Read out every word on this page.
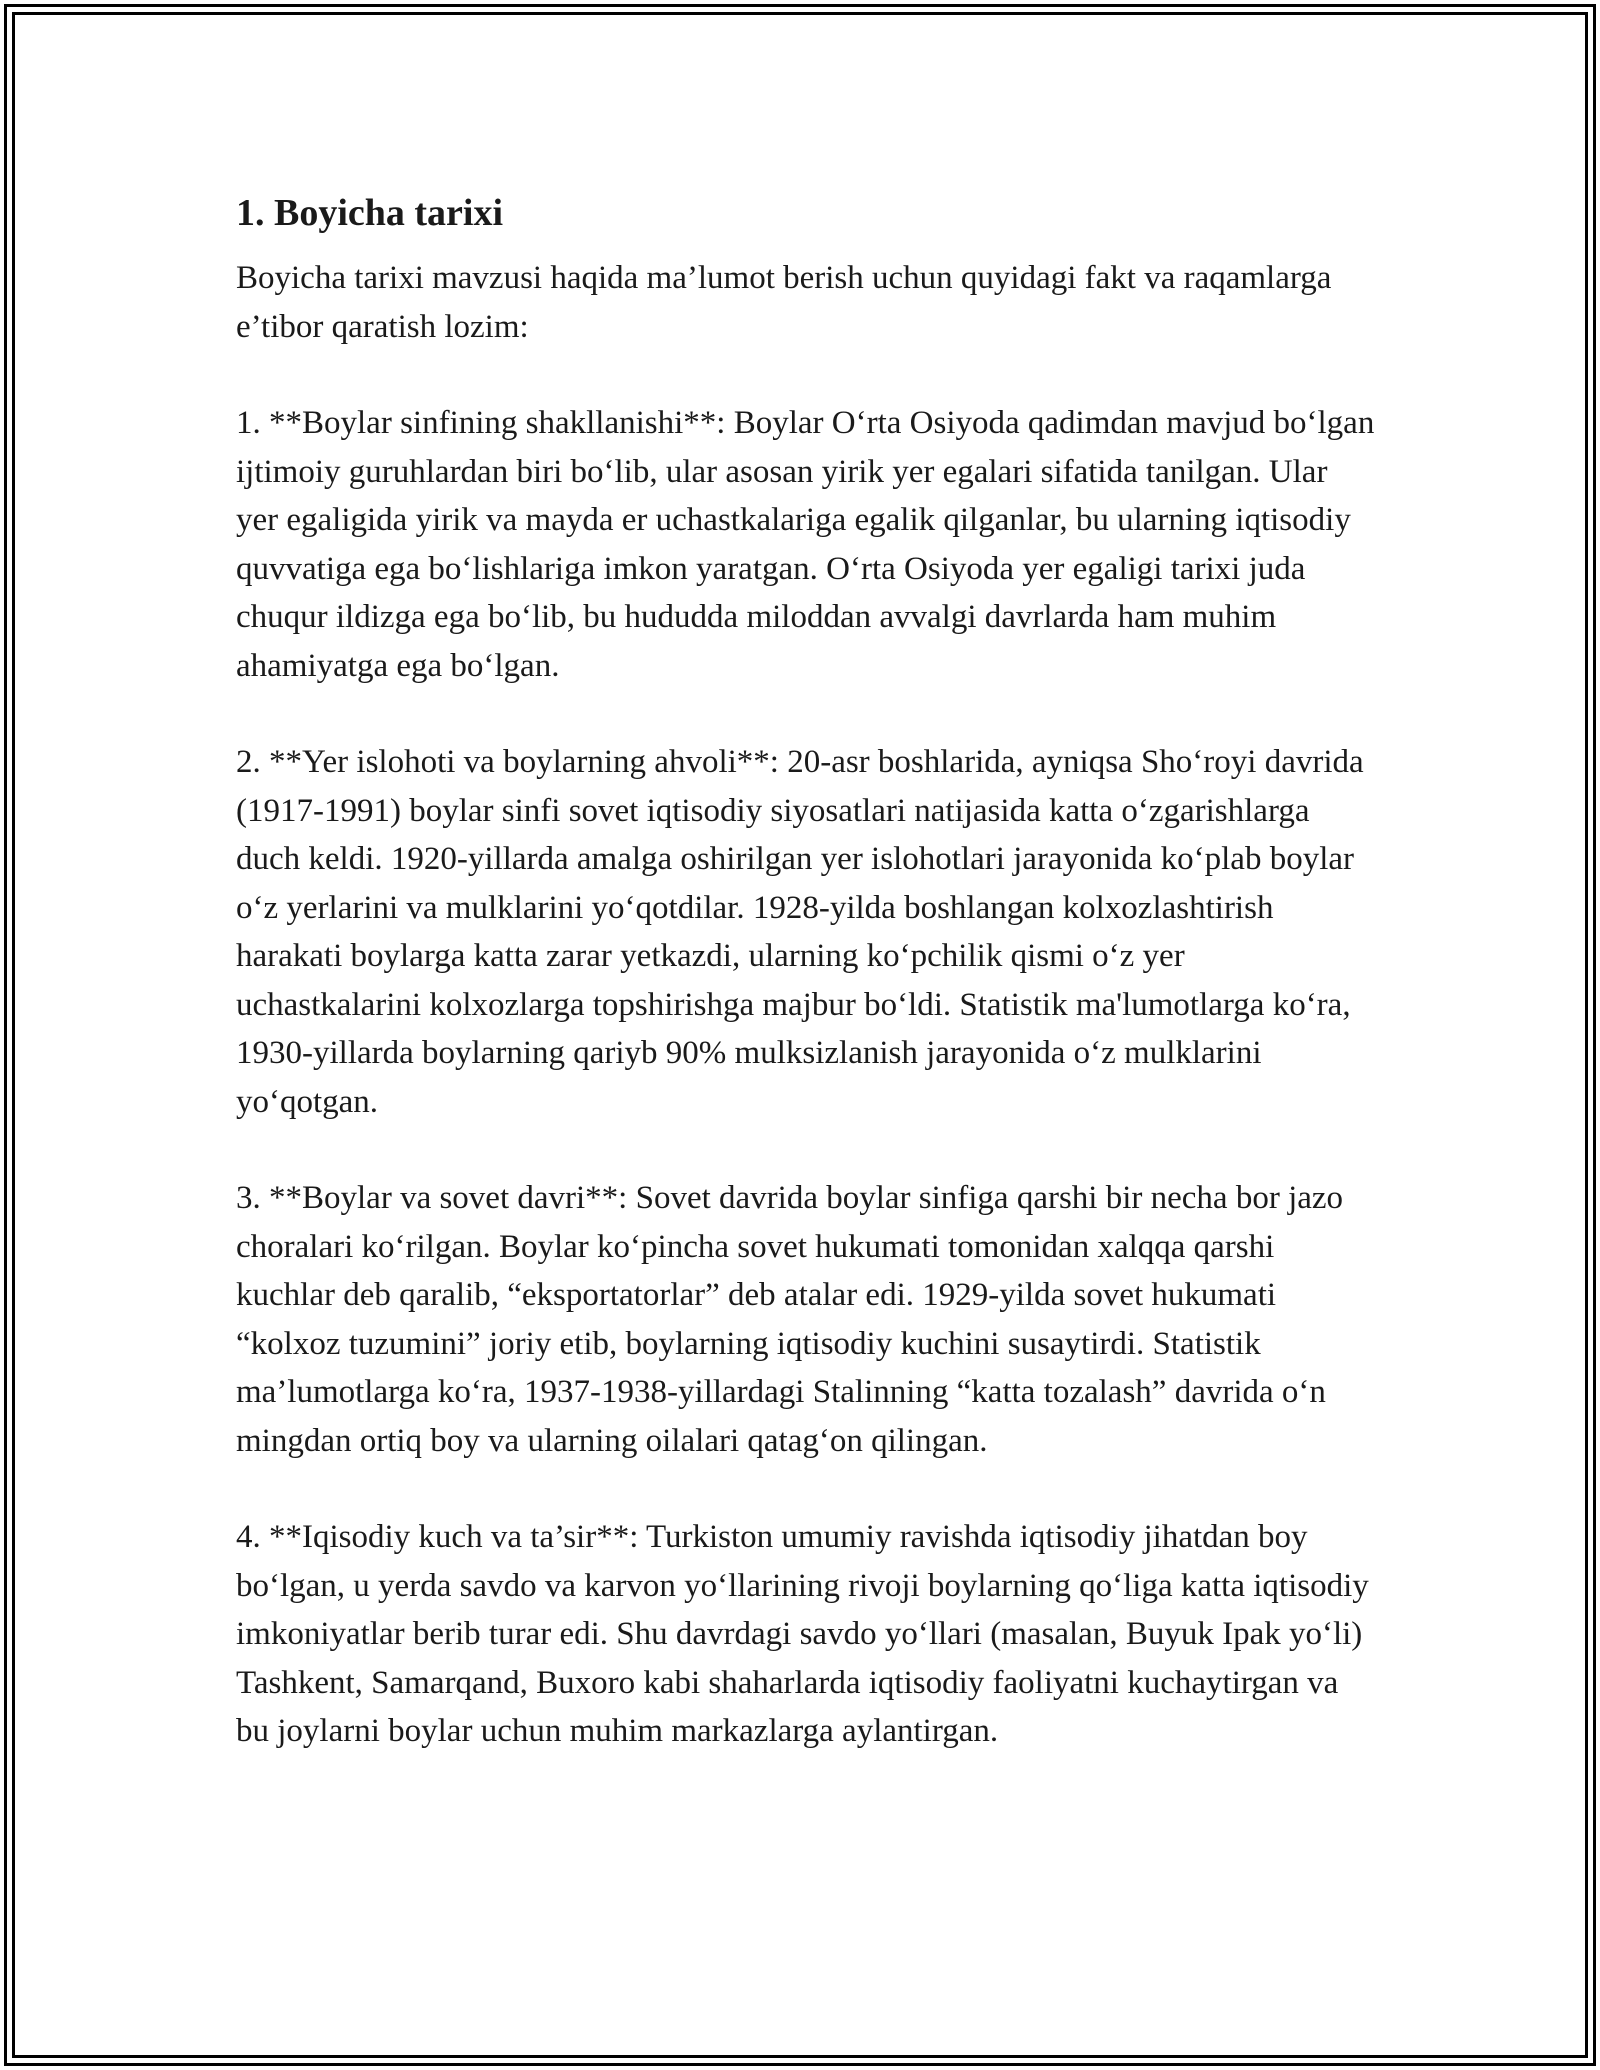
1. Boyicha tarixi

Boyicha tarixi mavzusi haqida ma’lumot berish uchun quyidagi fakt va raqamlarga e’tibor qaratish lozim:

1. **Boylar sinfining shakllanishi**: Boylar O‘rta Osiyoda qadimdan mavjud bo‘lgan ijtimoiy guruhlardan biri bo‘lib, ular asosan yirik yer egalari sifatida tanilgan. Ular yer egaligida yirik va mayda er uchastkalariga egalik qilganlar, bu ularning iqtisodiy quvvatiga ega bo‘lishlariga imkon yaratgan. O‘rta Osiyoda yer egaligi tarixi juda chuqur ildizga ega bo‘lib, bu hududda miloddan avvalgi davrlarda ham muhim ahamiyatga ega bo‘lgan.

2. **Yer islohoti va boylarning ahvoli**: 20-asr boshlarida, ayniqsa Sho‘royi davrida (1917-1991) boylar sinfi sovet iqtisodiy siyosatlari natijasida katta o‘zgarishlarga duch keldi. 1920-yillarda amalga oshirilgan yer islohotlari jarayonida ko‘plab boylar o‘z yerlarini va mulklarini yo‘qotdilar. 1928-yilda boshlangan kolxozlashtirish harakati boylarga katta zarar yetkazdi, ularning ko‘pchilik qismi o‘z yer uchastkalarini kolxozlarga topshirishga majbur bo‘ldi. Statistik ma'lumotlarga ko‘ra, 1930-yillarda boylarning qariyb 90% mulksizlanish jarayonida o‘z mulklarini yo‘qotgan.

3. **Boylar va sovet davri**: Sovet davrida boylar sinfiga qarshi bir necha bor jazo choralari ko‘rilgan. Boylar ko‘pincha sovet hukumati tomonidan xalqqa qarshi kuchlar deb qaralib, “eksportatorlar” deb atalar edi. 1929-yilda sovet hukumati “kolxoz tuzumini” joriy etib, boylarning iqtisodiy kuchini susaytirdi. Statistik ma’lumotlarga ko‘ra, 1937-1938-yillardagi Stalinning “katta tozalash” davrida o‘n mingdan ortiq boy va ularning oilalari qatag‘on qilingan.

4. **Iqisodiy kuch va ta’sir**: Turkiston umumiy ravishda iqtisodiy jihatdan boy bo‘lgan, u yerda savdo va karvon yo‘llarining rivoji boylarning qo‘liga katta iqtisodiy imkoniyatlar berib turar edi. Shu davrdagi savdo yo‘llari (masalan, Buyuk Ipak yo‘li) Tashkent, Samarqand, Buxoro kabi shaharlarda iqtisodiy faoliyatni kuchaytirgan va bu joylarni boylar uchun muhim markazlarga aylantirgan.
